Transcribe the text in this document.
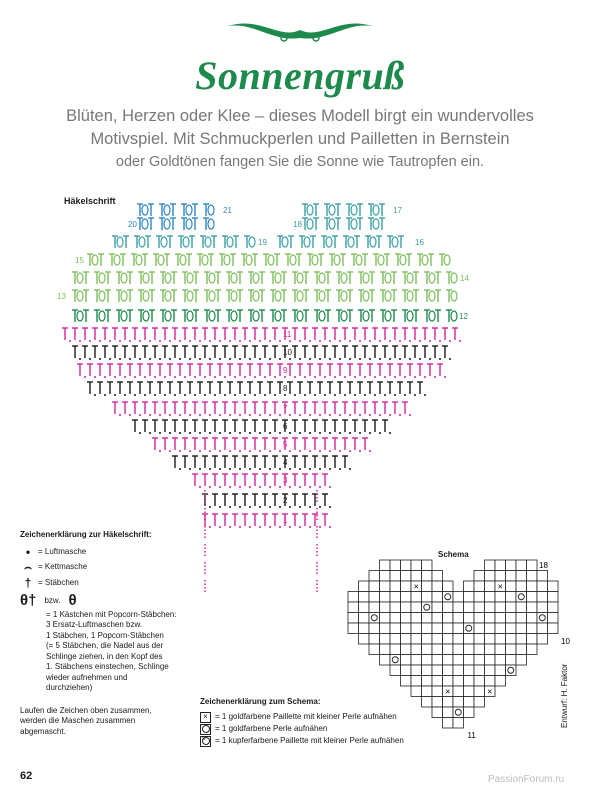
Sonnengruß
Blüten, Herzen oder Klee – dieses Modell birgt ein wundervolles
Motivspiel. Mit Schmuckperlen und Pailletten in Bernstein
oder Goldtönen fangen Sie die Sonne wie Tautropfen ein.
Häkelschrift
21
20
19
18
17
16
15
14
13
12
11
10
9
8
7
6
5
4
3
2
1
Zeichenerklärung zur Häkelschrift:
• = Luftmasche
⌢ = Kettmasche
† = Stäbchen
θ† bzw. θ
= 1 Kästchen mit Popcorn-Stäbchen:
3 Ersatz-Luftmaschen bzw.
1 Stäbchen, 1 Popcorn-Stäbchen
(= 5 Stäbchen, die Nadel aus der
Schlinge ziehen, in den Kopf des
1. Stäbchens einstechen, Schlinge
wieder aufnehmen und
durchziehen)
Laufen die Zeichen oben zusammen,
werden die Maschen zusammen
abgemascht.
Schema
×	×
×	×
18
10
11
Zeichenerklärung zum Schema:
× = 1 goldfarbene Paillette mit kleiner Perle aufnähen
= 1 goldfarbene Perle aufnähen
×
= 1 kupferfarbene Paillette mit kleiner Perle aufnähen
Entwurf: H. Faktor
62	PassionForum.ru
